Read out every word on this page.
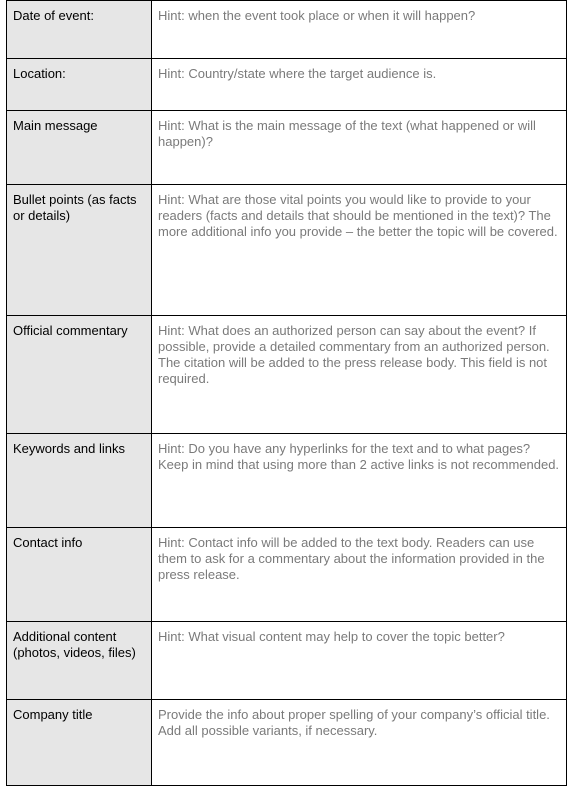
Date of event:	Hint: when the event took place or when it will happen?
Location:	Hint: Country/state where the target audience is.
Main message	Hint: What is the main message of the text (what happened or will happen)?
Bullet points (as facts or details)	Hint: What are those vital points you would like to provide to your readers (facts and details that should be mentioned in the text)? The more additional info you provide – the better the topic will be covered.
Official commentary	Hint: What does an authorized person can say about the event? If possible, provide a detailed commentary from an authorized person. The citation will be added to the press release body. This field is not required.
Keywords and links	Hint: Do you have any hyperlinks for the text and to what pages? Keep in mind that using more than 2 active links is not recommended.
Contact info	Hint: Contact info will be added to the text body. Readers can use them to ask for a commentary about the information provided in the press release.
Additional content (photos, videos, files)	Hint: What visual content may help to cover the topic better?
Company title	Provide the info about proper spelling of your company’s official title. Add all possible variants, if necessary.
